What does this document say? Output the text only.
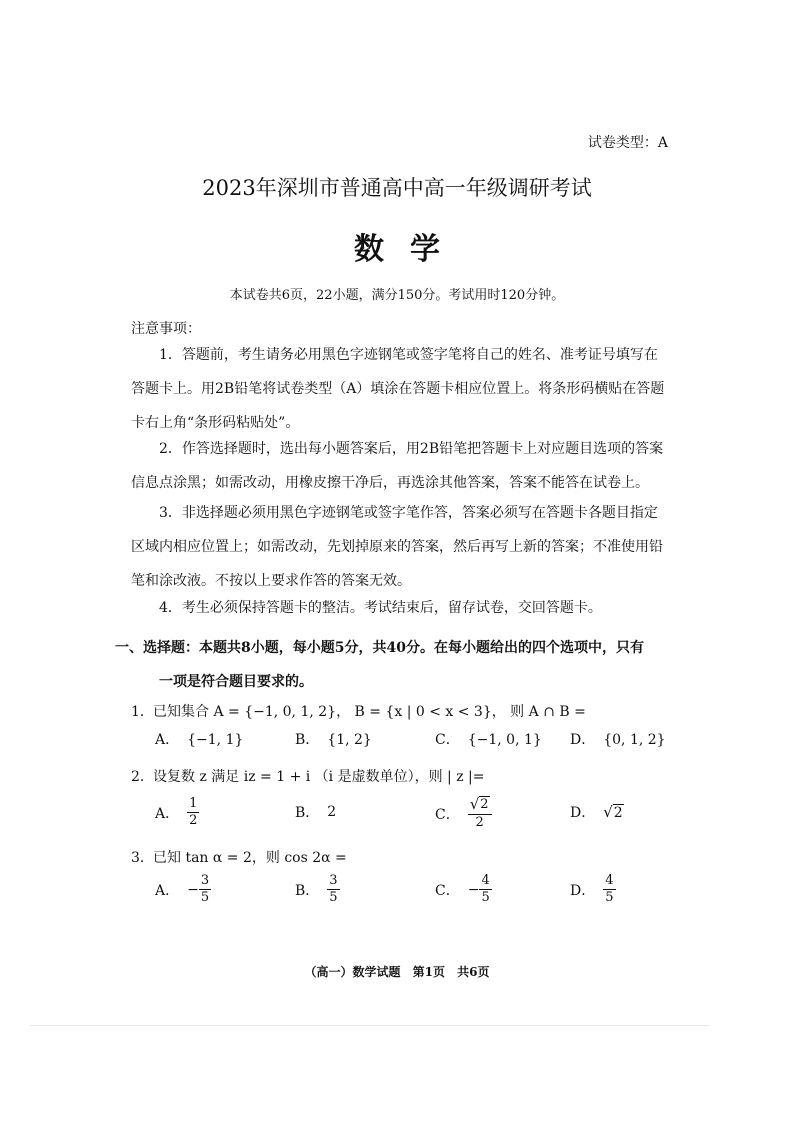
试卷类型：A
2023年深圳市普通高中高一年级调研考试
数学
本试卷共6页，22小题，满分150分。考试用时120分钟。
注意事项：
1．答题前，考生请务必用黑色字迹钢笔或签字笔将自己的姓名、准考证号填写在答题卡上。用2B铅笔将试卷类型（A）填涂在答题卡相应位置上。将条形码横贴在答题卡右上角“条形码粘贴处”。
2．作答选择题时，选出每小题答案后，用2B铅笔把答题卡上对应题目选项的答案信息点涂黑；如需改动，用橡皮擦干净后，再选涂其他答案，答案不能答在试卷上。
3．非选择题必须用黑色字迹钢笔或签字笔作答，答案必须写在答题卡各题目指定区域内相应位置上；如需改动，先划掉原来的答案，然后再写上新的答案；不准使用铅笔和涂改液。不按以上要求作答的答案无效。
4．考生必须保持答题卡的整洁。考试结束后，留存试卷，交回答题卡。
一、选择题：本题共8小题，每小题5分，共40分。在每小题给出的四个选项中，只有
一项是符合题目要求的。
1．已知集合 A = {−1, 0, 1, 2}， B = {x | 0 < x < 3}， 则 A ∩ B =
A． {−1, 1}	B． {1, 2}	C． {−1, 0, 1} D． {0, 1, 2}
2．设复数 z 满足 iz = 1 + i （i 是虚数单位），则 | z |=
A． $\frac{1}{2}$	B． 2	C． $\frac{√ 2}{2}$	D． √ 2
3．已知 tan α = 2，则 cos 2α =
A． − $\frac{3}{5}$	B． $\frac{3}{5}$	C． − $\frac{4}{5}$	D． $\frac{4}{5}$
（高一）数学试题 第1页 共6页
